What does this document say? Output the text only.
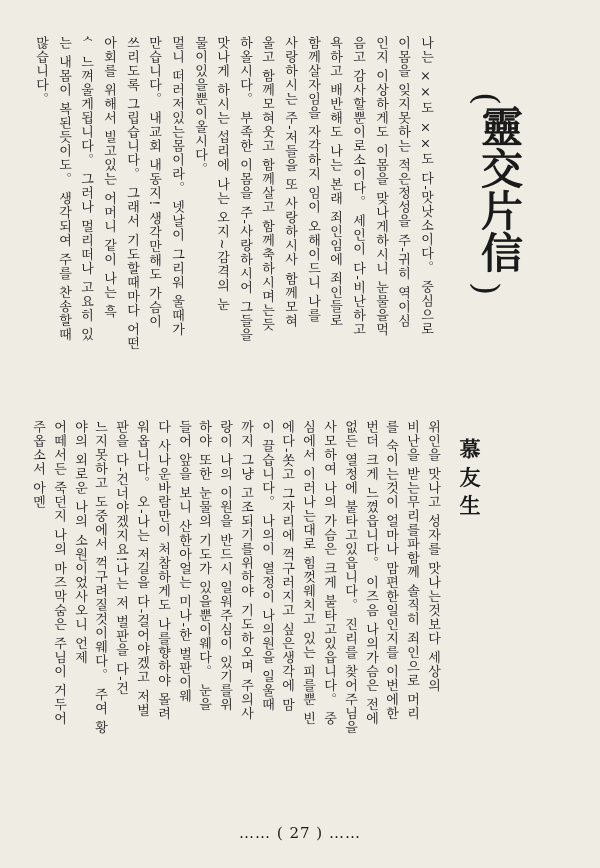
(
靈交片信
)
慕 友 生
나는 ××도 ××도 다-맛낫소이다。 중심으로
이몸을 잊지못하는 적은정성을 주-귀히 역이심
인지 이상하게도 이몸을 맞나게하시니 눈물을먹
음고 감사할뿐이로소이다。 세인이 다-비난하고
욕하고 배반해도 나는 본래 죄인임에 죄인들로
함께살자임을 자각하지 임이 오해이드니 나를
사랑하시는 주-저들을 또 사랑하시사 함께모혀
울고 함께모혀웃고 함께살고 함께축하시며는듯
하올시다。 부족한 이몸을 주-사랑하시어 그들을
맛나게 하시는 섭리에 나는 오지~감격의 눈
물이있을뿐이올시다。
멀니 떠러저있는몸이라。 넷날이 그리워 울때가
만습니다。 내교회 내동지! 생각만해도 가슴이
쓰리도록 그립습니다。 그래서 기도할때마다 어떤
아회를 위해서 빌고있는 어머니 같이 나는 흑
ᄉ 느껴울게됩니다。 그러나 멀리떠나 고요히 있
는 내몸이 복된듯이도。 생각되여 주를 찬송할때
많습니다。
위인을 맛나고 성자를 맛나는것보다 세상의
비난을 받는무리를파함께 솔직히 죄인으로 머리
를 숙이는것이 얼마나 맘편한일인지를 이번에한
번더 크게 느꼈읍니다。 이즈음 나의가슴은 전에
없든 열정에 불타고있읍니다。 진리를 찾어주님을
사모하여 나의 가슴은 크게 불타고있읍니다。 중
심에서 이러나는대로 힘껏웨치고 있는 피를뿐 빈
에다-쏫고 그자리에 꺽구러지고 싶은생각에 맘
이 끌습니다。 나의이 열정이 나의원을 일울때
까지 그냥 고조되기를위하야 기도하오며 주의사
랑이 나의 이원을 반드시 일워주심이 있기를위
하야 또한 눈물의 기도가 있을뿐이웨다。 눈을
들어 앞을 보니 산한아얼는 미나-한 벌판이웨
다 사나운바람만이 처참하게도 나를향하야 몰려
워옵니다。 오-나는 저길을 다-걸어야겠고 저벌
판을 다-건너야겠지요!나는 저 벌판을 다-건
느지못하고 도중에서 꺽구려질것이웨다。 주여 황
야의 외로운 나의 소원이었사오니 언제
어떼서든 죽던지 나의 마즈막숨은 주님이 거두어
주옵소서 아멘
…… ( 27 ) ……
